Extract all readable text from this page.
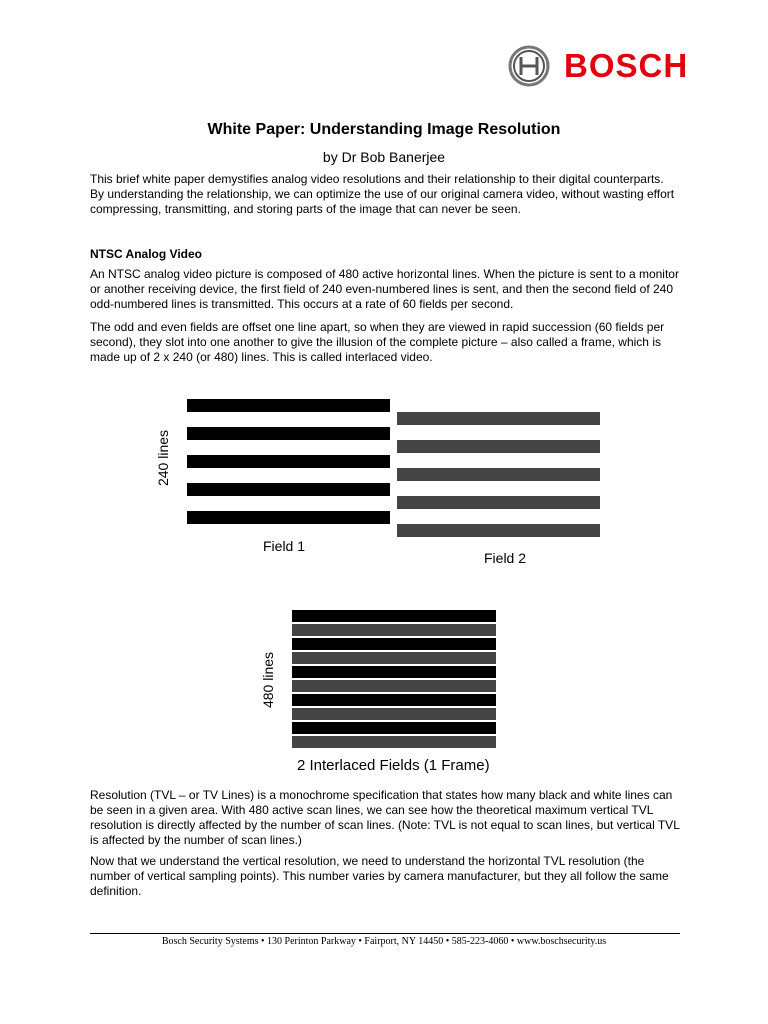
BOSCH
White Paper: Understanding Image Resolution
by Dr Bob Banerjee
This brief white paper demystifies analog video resolutions and their relationship to their digital counterparts. By understanding the relationship, we can optimize the use of our original camera video, without wasting effort compressing, transmitting, and storing parts of the image that can never be seen.
NTSC Analog Video
An NTSC analog video picture is composed of 480 active horizontal lines. When the picture is sent to a monitor or another receiving device, the first field of 240 even-numbered lines is sent, and then the second field of 240 odd-numbered lines is transmitted. This occurs at a rate of 60 fields per second.
The odd and even fields are offset one line apart, so when they are viewed in rapid succession (60 fields per second), they slot into one another to give the illusion of the complete picture – also called a frame, which is made up of 2 x 240 (or 480) lines. This is called interlaced video.
240 lines
Field 1
Field 2
480 lines
2 Interlaced Fields (1 Frame)
Resolution (TVL – or TV Lines) is a monochrome specification that states how many black and white lines can be seen in a given area. With 480 active scan lines, we can see how the theoretical maximum vertical TVL resolution is directly affected by the number of scan lines. (Note: TVL is not equal to scan lines, but vertical TVL is affected by the number of scan lines.)
Now that we understand the vertical resolution, we need to understand the horizontal TVL resolution (the number of vertical sampling points). This number varies by camera manufacturer, but they all follow the same definition.
Bosch Security Systems • 130 Perinton Parkway • Fairport, NY 14450 • 585-223-4060 • www.boschsecurity.us
